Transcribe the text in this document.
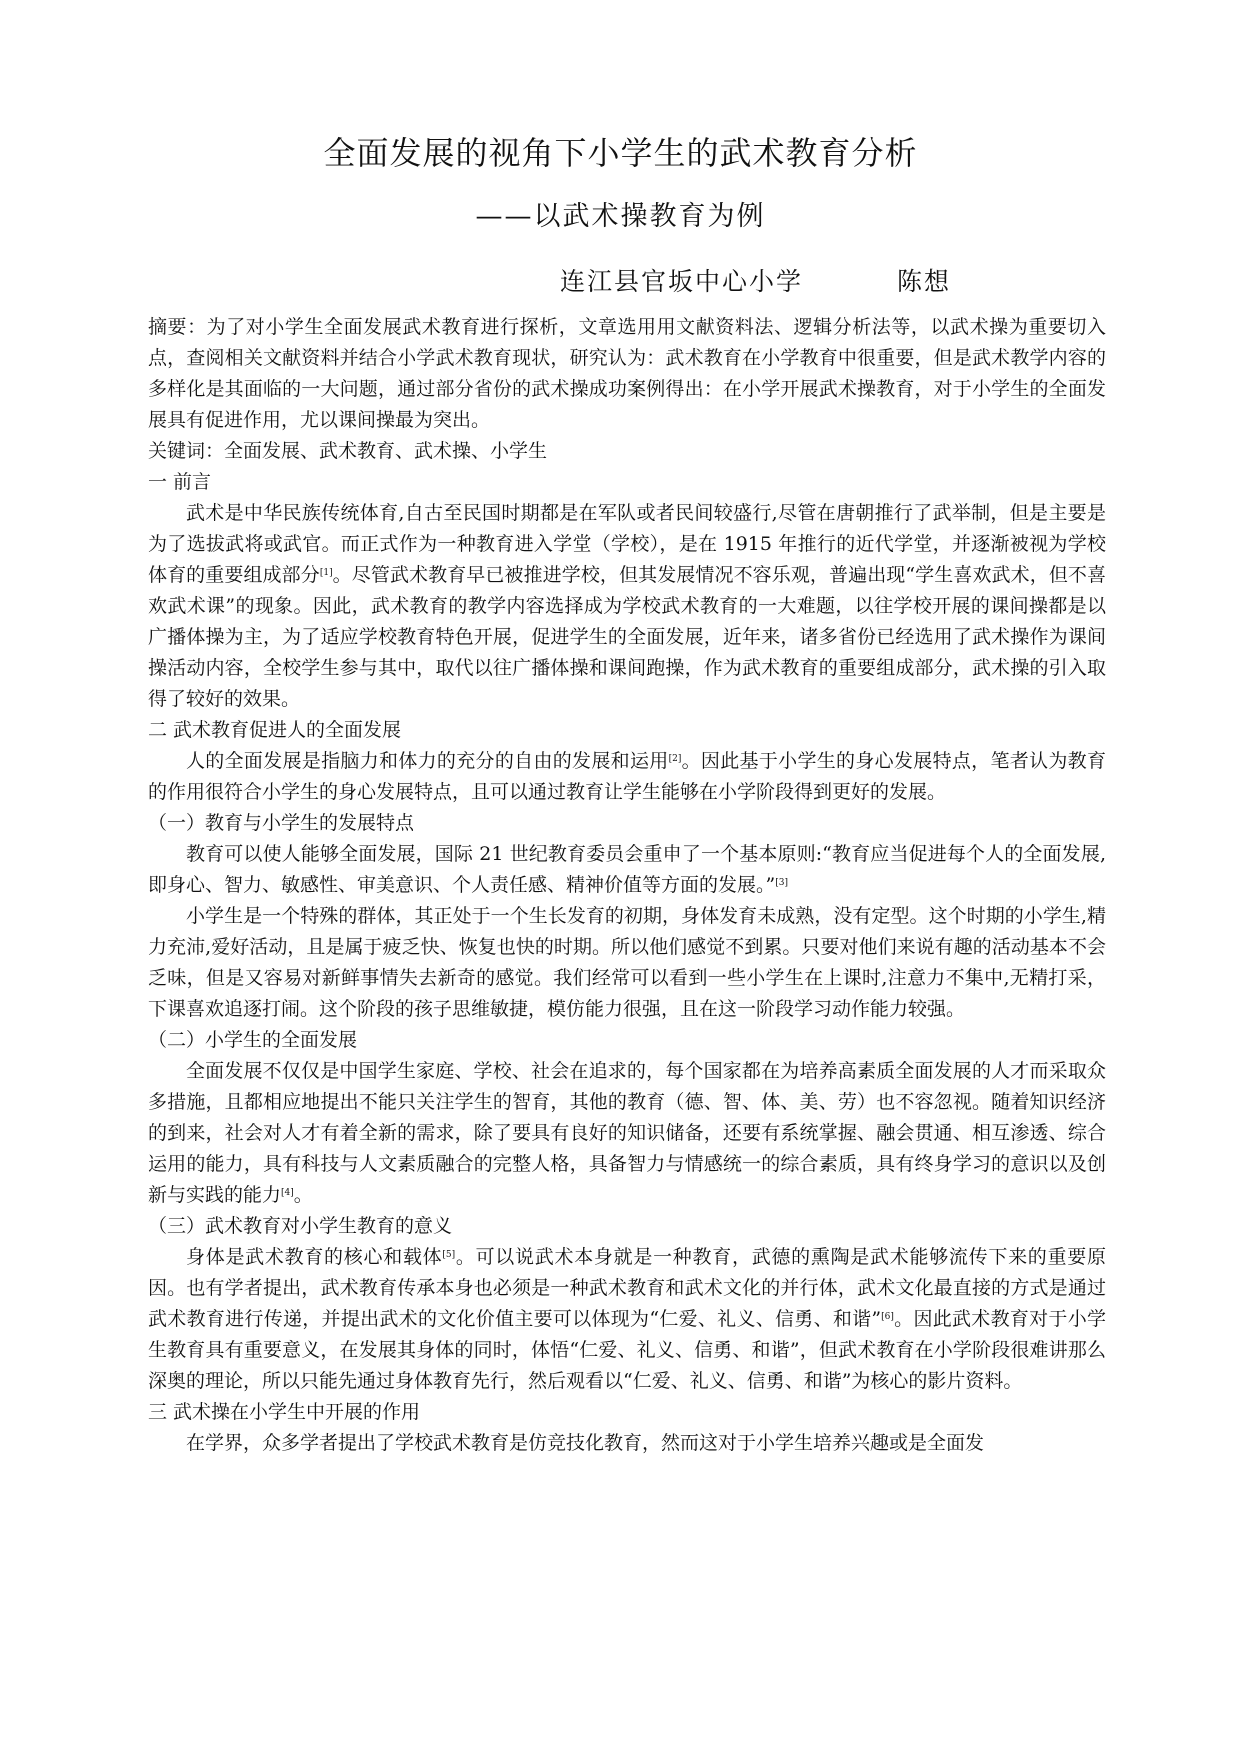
全面发展的视角下小学生的武术教育分析
——以武术操教育为例
连江县官坂中心小学	陈想

摘要：为了对小学生全面发展武术教育进行探析，文章选用用文献资料法、逻辑分析法等，以武术操为重要切入点，查阅相关文献资料并结合小学武术教育现状，研究认为：武术教育在小学教育中很重要，但是武术教学内容的多样化是其面临的一大问题，通过部分省份的武术操成功案例得出：在小学开展武术操教育，对于小学生的全面发展具有促进作用，尤以课间操最为突出。

关键词：全面发展、武术教育、武术操、小学生

一 前言

武术是中华民族传统体育,自古至民国时期都是在军队或者民间较盛行,尽管在唐朝推行了武举制，但是主要是为了选拔武将或武官。而正式作为一种教育进入学堂（学校），是在 1915 年推行的近代学堂，并逐渐被视为学校体育的重要组成部分[1]。尽管武术教育早已被推进学校，但其发展情况不容乐观，普遍出现“学生喜欢武术，但不喜欢武术课”的现象。因此，武术教育的教学内容选择成为学校武术教育的一大难题，以往学校开展的课间操都是以广播体操为主，为了适应学校教育特色开展，促进学生的全面发展，近年来，诸多省份已经选用了武术操作为课间操活动内容，全校学生参与其中，取代以往广播体操和课间跑操，作为武术教育的重要组成部分，武术操的引入取得了较好的效果。

二 武术教育促进人的全面发展

人的全面发展是指脑力和体力的充分的自由的发展和运用[2]。因此基于小学生的身心发展特点，笔者认为教育的作用很符合小学生的身心发展特点，且可以通过教育让学生能够在小学阶段得到更好的发展。

（一）教育与小学生的发展特点

教育可以使人能够全面发展，国际 21 世纪教育委员会重申了一个基本原则:“教育应当促进每个人的全面发展,即身心、智力、敏感性、审美意识、个人责任感、精神价值等方面的发展。”[3]

小学生是一个特殊的群体，其正处于一个生长发育的初期，身体发育未成熟，没有定型。这个时期的小学生,精力充沛,爱好活动，且是属于疲乏快、恢复也快的时期。所以他们感觉不到累。只要对他们来说有趣的活动基本不会乏味，但是又容易对新鲜事情失去新奇的感觉。我们经常可以看到一些小学生在上课时,注意力不集中,无精打采，下课喜欢追逐打闹。这个阶段的孩子思维敏捷，模仿能力很强，且在这一阶段学习动作能力较强。

（二）小学生的全面发展

全面发展不仅仅是中国学生家庭、学校、社会在追求的，每个国家都在为培养高素质全面发展的人才而采取众多措施，且都相应地提出不能只关注学生的智育，其他的教育（德、智、体、美、劳）也不容忽视。随着知识经济的到来，社会对人才有着全新的需求，除了要具有良好的知识储备，还要有系统掌握、融会贯通、相互渗透、综合运用的能力，具有科技与人文素质融合的完整人格，具备智力与情感统一的综合素质，具有终身学习的意识以及创新与实践的能力[4]。

（三）武术教育对小学生教育的意义

身体是武术教育的核心和载体[5]。可以说武术本身就是一种教育，武德的熏陶是武术能够流传下来的重要原因。也有学者提出，武术教育传承本身也必须是一种武术教育和武术文化的并行体，武术文化最直接的方式是通过武术教育进行传递，并提出武术的文化价值主要可以体现为“仁爱、礼义、信勇、和谐”[6]。因此武术教育对于小学生教育具有重要意义，在发展其身体的同时，体悟“仁爱、礼义、信勇、和谐”，但武术教育在小学阶段很难讲那么深奥的理论，所以只能先通过身体教育先行，然后观看以“仁爱、礼义、信勇、和谐”为核心的影片资料。

三 武术操在小学生中开展的作用

在学界，众多学者提出了学校武术教育是仿竞技化教育，然而这对于小学生培养兴趣或是全面发
